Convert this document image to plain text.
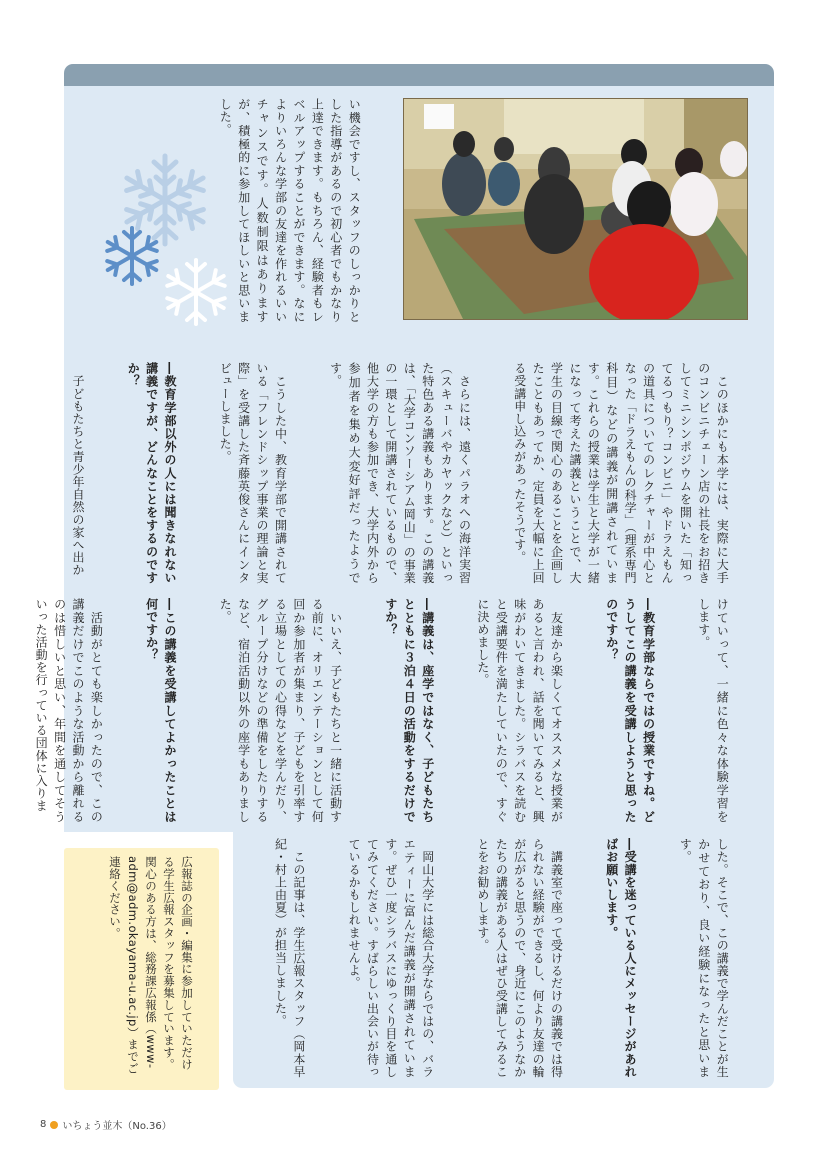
　このほかにも本学には、実際に大手のコンビニチェーン店の社長をお招きしてミニシンポジウムを開いた「知ってるつもり？コンビニ」やドラえもんの道具についてのレクチャーが中心となった「ドラえもんの科学」（理系専門科目）などの講義が開講されています。これらの授業は学生と大学が一緒になって考えた講義ということで、大学生の目線で関心のあることを企画したこともあってか、定員を大幅に上回る受講申し込みがあったそうです。

　さらには、遠くパラオへの海洋実習（スキューバやカヤックなど）といった特色ある講義もあります。この講義は、「大学コンソーシアム岡山」の事業の一環として開講されているもので、他大学の方も参加でき、大学内外から参加者を集め大変好評だったようです。

　こうした中、教育学部で開講されている「フレンドシップ事業の理論と実際」を受講した斉藤英俊さんにインタビューしました。

―教育学部以外の人には聞きなれない講義ですが、どんなことをするのですか？

　子どもたちと青少年自然の家へ出か

い機会ですし、スタッフのしっかりとした指導があるので初心者でもかなり上達できます。もちろん、経験者もレベルアップすることができます。なによりいろんな学部の友達を作れるいいチャンスです。人数制限はありますが、積極的に参加してほしいと思いました。

けていって、一緒に色々な体験学習をします。

―教育学部ならではの授業ですね。どうしてこの講義を受講しようと思ったのですか？

　友達から楽しくてオススメな授業があると言われ、話を聞いてみると、興味がわいてきました。シラバスを読むと受講要件を満たしていたので、すぐに決めました。

―講義は、座学ではなく、子どもたちとともに３泊４日の活動をするだけですか？

　いいえ、子どもたちと一緒に活動する前に、オリエンテーションとして何回か参加者が集まり、子どもを引率する立場としての心得などを学んだり、グループ分けなどの準備をしたりするなど、宿泊活動以外の座学もありました。

―この講義を受講してよかったことは何ですか？

　活動がとても楽しかったので、この講義だけでこのような活動から離れるのは惜しいと思い、年間を通してそういった活動を行っている団体に入りま

した。そこで、この講義で学んだことが生かせており、良い経験になったと思います。

―受講を迷っている人にメッセージがあればお願いします。

　講義室で座って受けるだけの講義では得られない経験ができるし、何より友達の輪が広がると思うので、身近にこのようなかたちの講義がある人はぜひ受講してみることをお勧めします。

　岡山大学には総合大学ならではの、バラエティーに富んだ講義が開講されています。ぜひ一度シラバスにゆっくり目を通してみてください。すばらしい出会いが待っているかもしれませんよ。

　この記事は、学生広報スタッフ（岡本早紀・村上由夏）が担当しました。

広報誌の企画・編集に参加していただける学生広報スタッフを募集しています。関心のある方は、総務課広報係（www-adm@adm.okayama-u.ac.jp）までご連絡ください。
8 いちょう並木（No.36）
